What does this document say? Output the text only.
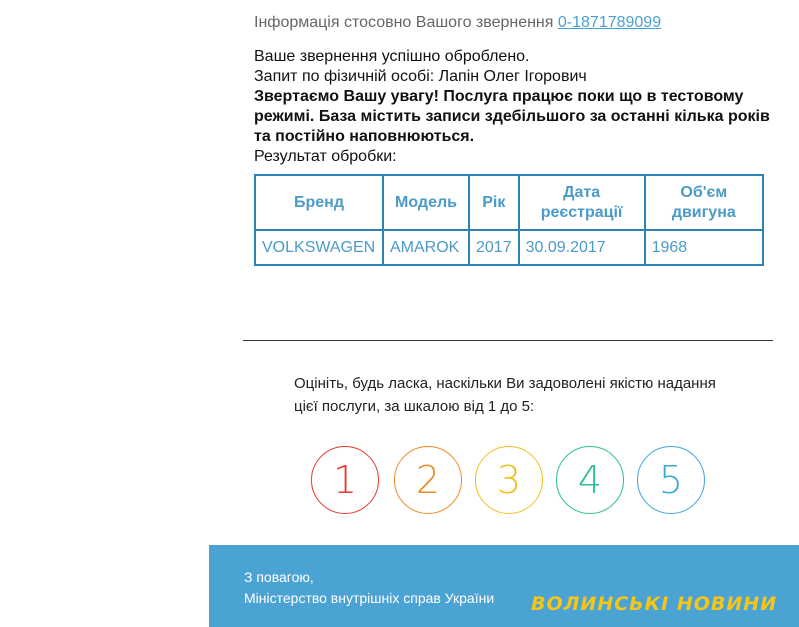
Інформація стосовно Вашого звернення 0-1871789099
Ваше звернення успішно оброблено.
Запит по фізичній особі: Лапін Олег Ігорович
Звертаємо Вашу увагу! Послуга працює поки що в тестовому режимі. База містить записи здебільшого за останні кілька років та постійно наповнюються.
Результат обробки:
Бренд	Модель	Рік	Дата реєстрації	Об'єм двигуна
VOLKSWAGEN	AMAROK	2017	30.09.2017	1968
Оцініть, будь ласка, наскільки Ви задоволені якістю надання цієї послуги, за шкалою від 1 до 5:
1	2	3	4	5
З повагою,
Міністерство внутрішніх справ України ВОЛИНСЬКІ НОВИНИ
